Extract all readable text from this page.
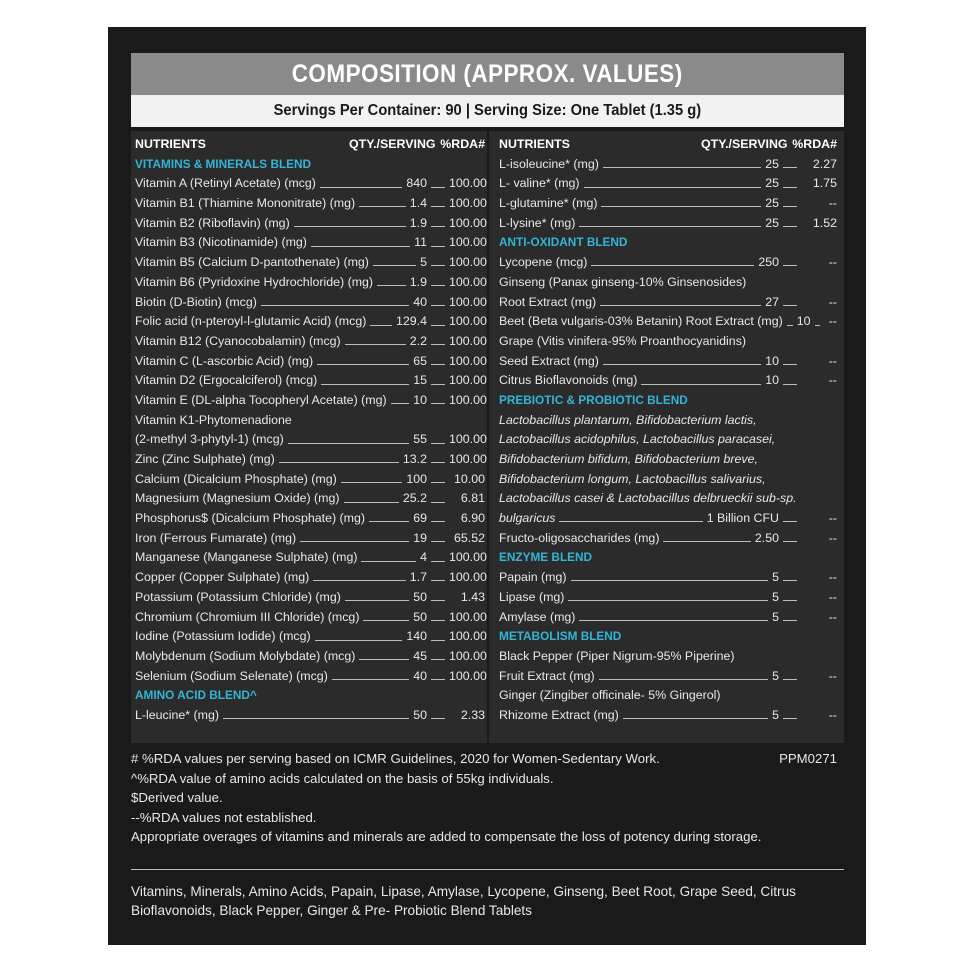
COMPOSITION (APPROX. VALUES)
Servings Per Container: 90 | Serving Size: One Tablet (1.35 g)
NUTRIENTS	QTY./SERVING %RDA#
VITAMINS & MINERALS BLEND
Vitamin A (Retinyl Acetate) (mcg)	840 100.00
Vitamin B1 (Thiamine Mononitrate) (mg)	1.4 100.00
Vitamin B2 (Riboflavin) (mg)	1.9 100.00
Vitamin B3 (Nicotinamide) (mg)	11 100.00
Vitamin B5 (Calcium D-pantothenate) (mg)	5 100.00
Vitamin B6 (Pyridoxine Hydrochloride) (mg)	1.9 100.00
Biotin (D-Biotin) (mcg)	40 100.00
Folic acid (n-pteroyl-l-glutamic Acid) (mcg) 129.4 100.00
Vitamin B12 (Cyanocobalamin) (mcg)	2.2 100.00
Vitamin C (L-ascorbic Acid) (mg)	65 100.00
Vitamin D2 (Ergocalciferol) (mcg)	15 100.00
Vitamin E (DL-alpha Tocopheryl Acetate) (mg) 10 100.00
Vitamin K1-Phytomenadione
(2-methyl 3-phytyl-1) (mcg)	55 100.00
Zinc (Zinc Sulphate) (mg)	13.2 100.00
Calcium (Dicalcium Phosphate) (mg)	100	10.00
Magnesium (Magnesium Oxide) (mg)	25.2	6.81
Phosphorus$ (Dicalcium Phosphate) (mg)	69	6.90
Iron (Ferrous Fumarate) (mg)	19	65.52
Manganese (Manganese Sulphate) (mg)	4 100.00
Copper (Copper Sulphate) (mg)	1.7 100.00
Potassium (Potassium Chloride) (mg)	50	1.43
Chromium (Chromium III Chloride) (mcg)	50 100.00
Iodine (Potassium Iodide) (mcg)	140 100.00
Molybdenum (Sodium Molybdate) (mcg)	45 100.00
Selenium (Sodium Selenate) (mcg)	40 100.00
AMINO ACID BLEND^
L-leucine* (mg)	50	2.33
NUTRIENTS	QTY./SERVING %RDA#
L-isoleucine* (mg)	25	2.27
L- valine* (mg)	25	1.75
L-glutamine* (mg)	25	--
L-lysine* (mg)	25	1.52
ANTI-OXIDANT BLEND
Lycopene (mcg)	250	--
Ginseng (Panax ginseng-10% Ginsenosides)
Root Extract (mg)	27	--
Beet (Beta vulgaris-03% Betanin) Root Extract (mg) 10	--
Grape (Vitis vinifera-95% Proanthocyanidins)
Seed Extract (mg)	10	--
Citrus Bioflavonoids (mg)	10	--
PREBIOTIC & PROBIOTIC BLEND
Lactobacillus plantarum, Bifidobacterium lactis,
Lactobacillus acidophilus, Lactobacillus paracasei,
Bifidobacterium bifidum, Bifidobacterium breve,
Bifidobacterium longum, Lactobacillus salivarius,
Lactobacillus casei & Lactobacillus delbrueckii sub-sp.
bulgaricus	1 Billion CFU	--
Fructo-oligosaccharides (mg)	2.50	--
ENZYME BLEND
Papain (mg)	5	--
Lipase (mg)	5	--
Amylase (mg)	5	--
METABOLISM BLEND
Black Pepper (Piper Nigrum-95% Piperine)
Fruit Extract (mg)	5	--
Ginger (Zingiber officinale- 5% Gingerol)
Rhizome Extract (mg)	5	--
# %RDA values per serving based on ICMR Guidelines, 2020 for Women-Sedentary Work.
^%RDA value of amino acids calculated on the basis of 55kg individuals.
$Derived value.
--%RDA values not established.
Appropriate overages of vitamins and minerals are added to compensate the loss of potency during storage.
PPM0271
Vitamins, Minerals, Amino Acids, Papain, Lipase, Amylase, Lycopene, Ginseng, Beet Root, Grape Seed, Citrus Bioflavonoids, Black Pepper, Ginger & Pre- Probiotic Blend Tablets
